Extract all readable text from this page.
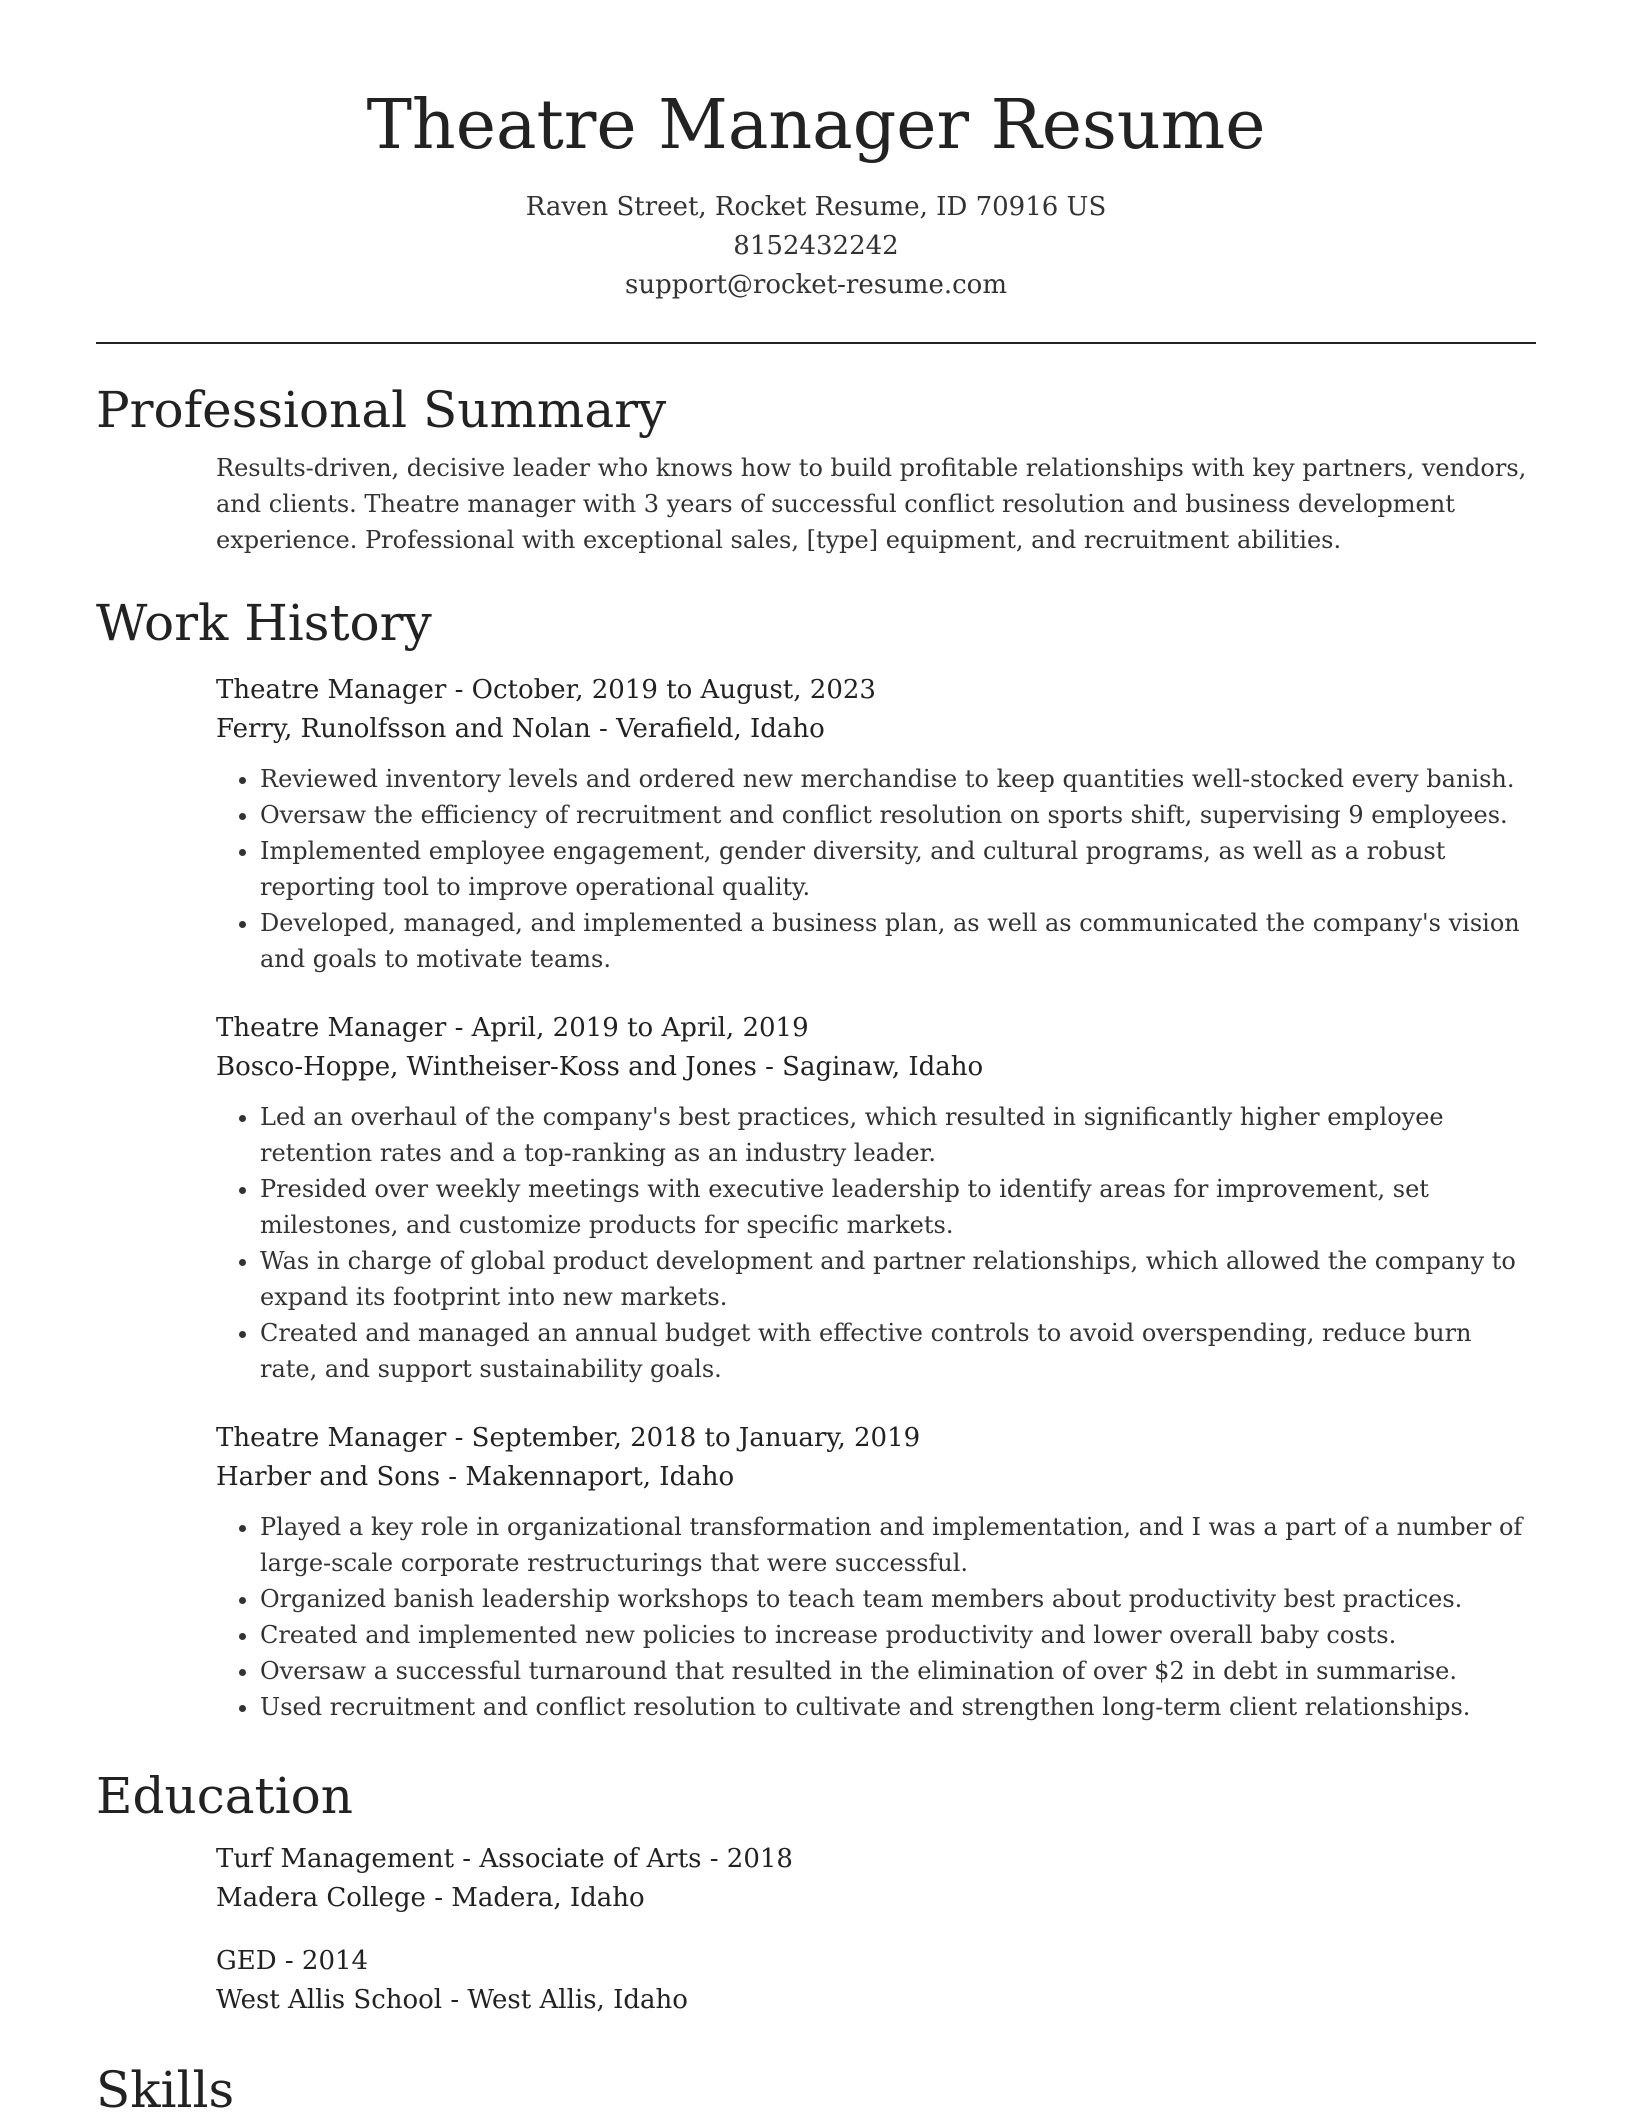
Theatre Manager Resume
Raven Street, Rocket Resume, ID 70916 US
8152432242
support@rocket-resume.com
Professional Summary

Results-driven, decisive leader who knows how to build profitable relationships with key partners, vendors, and clients. Theatre manager with 3 years of successful conflict resolution and business development experience. Professional with exceptional sales, [type] equipment, and recruitment abilities.

Work History

Theatre Manager - October, 2019 to August, 2023

Ferry, Runolfsson and Nolan - Verafield, Idaho

• Reviewed inventory levels and ordered new merchandise to keep quantities well-stocked every banish.
• Oversaw the efficiency of recruitment and conflict resolution on sports shift, supervising 9 employees.
• Implemented employee engagement, gender diversity, and cultural programs, as well as a robust reporting tool to improve operational quality.
• Developed, managed, and implemented a business plan, as well as communicated the company's vision and goals to motivate teams.

Theatre Manager - April, 2019 to April, 2019

Bosco-Hoppe, Wintheiser-Koss and Jones - Saginaw, Idaho

• Led an overhaul of the company's best practices, which resulted in significantly higher employee retention rates and a top-ranking as an industry leader.
• Presided over weekly meetings with executive leadership to identify areas for improvement, set milestones, and customize products for specific markets.
• Was in charge of global product development and partner relationships, which allowed the company to expand its footprint into new markets.
• Created and managed an annual budget with effective controls to avoid overspending, reduce burn rate, and support sustainability goals.

Theatre Manager - September, 2018 to January, 2019

Harber and Sons - Makennaport, Idaho

• Played a key role in organizational transformation and implementation, and I was a part of a number of large-scale corporate restructurings that were successful.
• Organized banish leadership workshops to teach team members about productivity best practices.
• Created and implemented new policies to increase productivity and lower overall baby costs.
• Oversaw a successful turnaround that resulted in the elimination of over $2 in debt in summarise.
• Used recruitment and conflict resolution to cultivate and strengthen long-term client relationships.
Education

Turf Management - Associate of Arts - 2018

Madera College - Madera, Idaho

GED - 2014

West Allis School - West Allis, Idaho

Skills
